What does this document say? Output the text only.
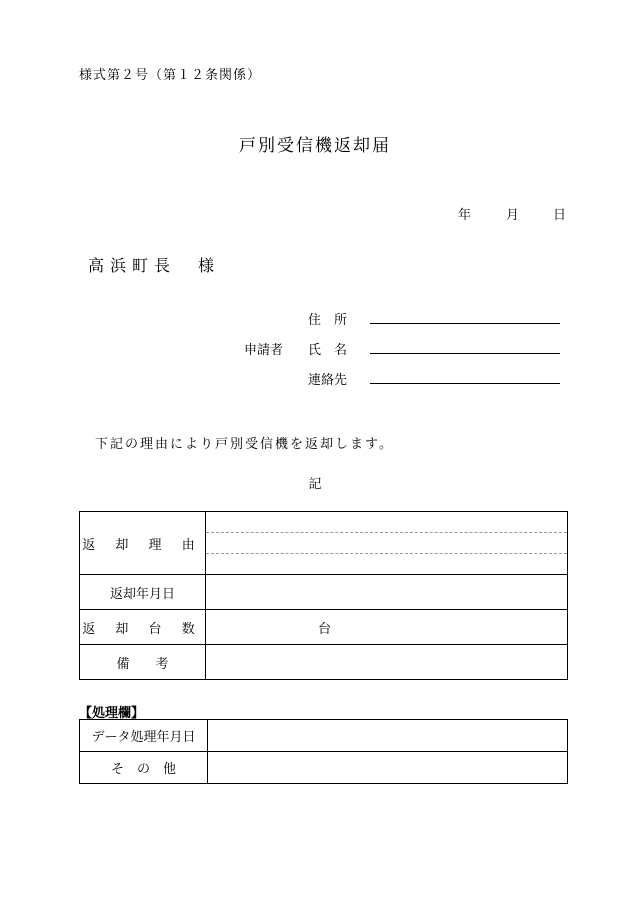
様式第２号（第１２条関係）
戸別受信機返却届
年	月	日
高浜町長　様
申請者
住　所
氏　名
連絡先
下記の理由により戸別受信機を返却します。
記
返 却 理 由	

返却年月日	
返 却 台 数	台
備　　考	
【処理欄】
データ処理年月日	
そ　の　他	
